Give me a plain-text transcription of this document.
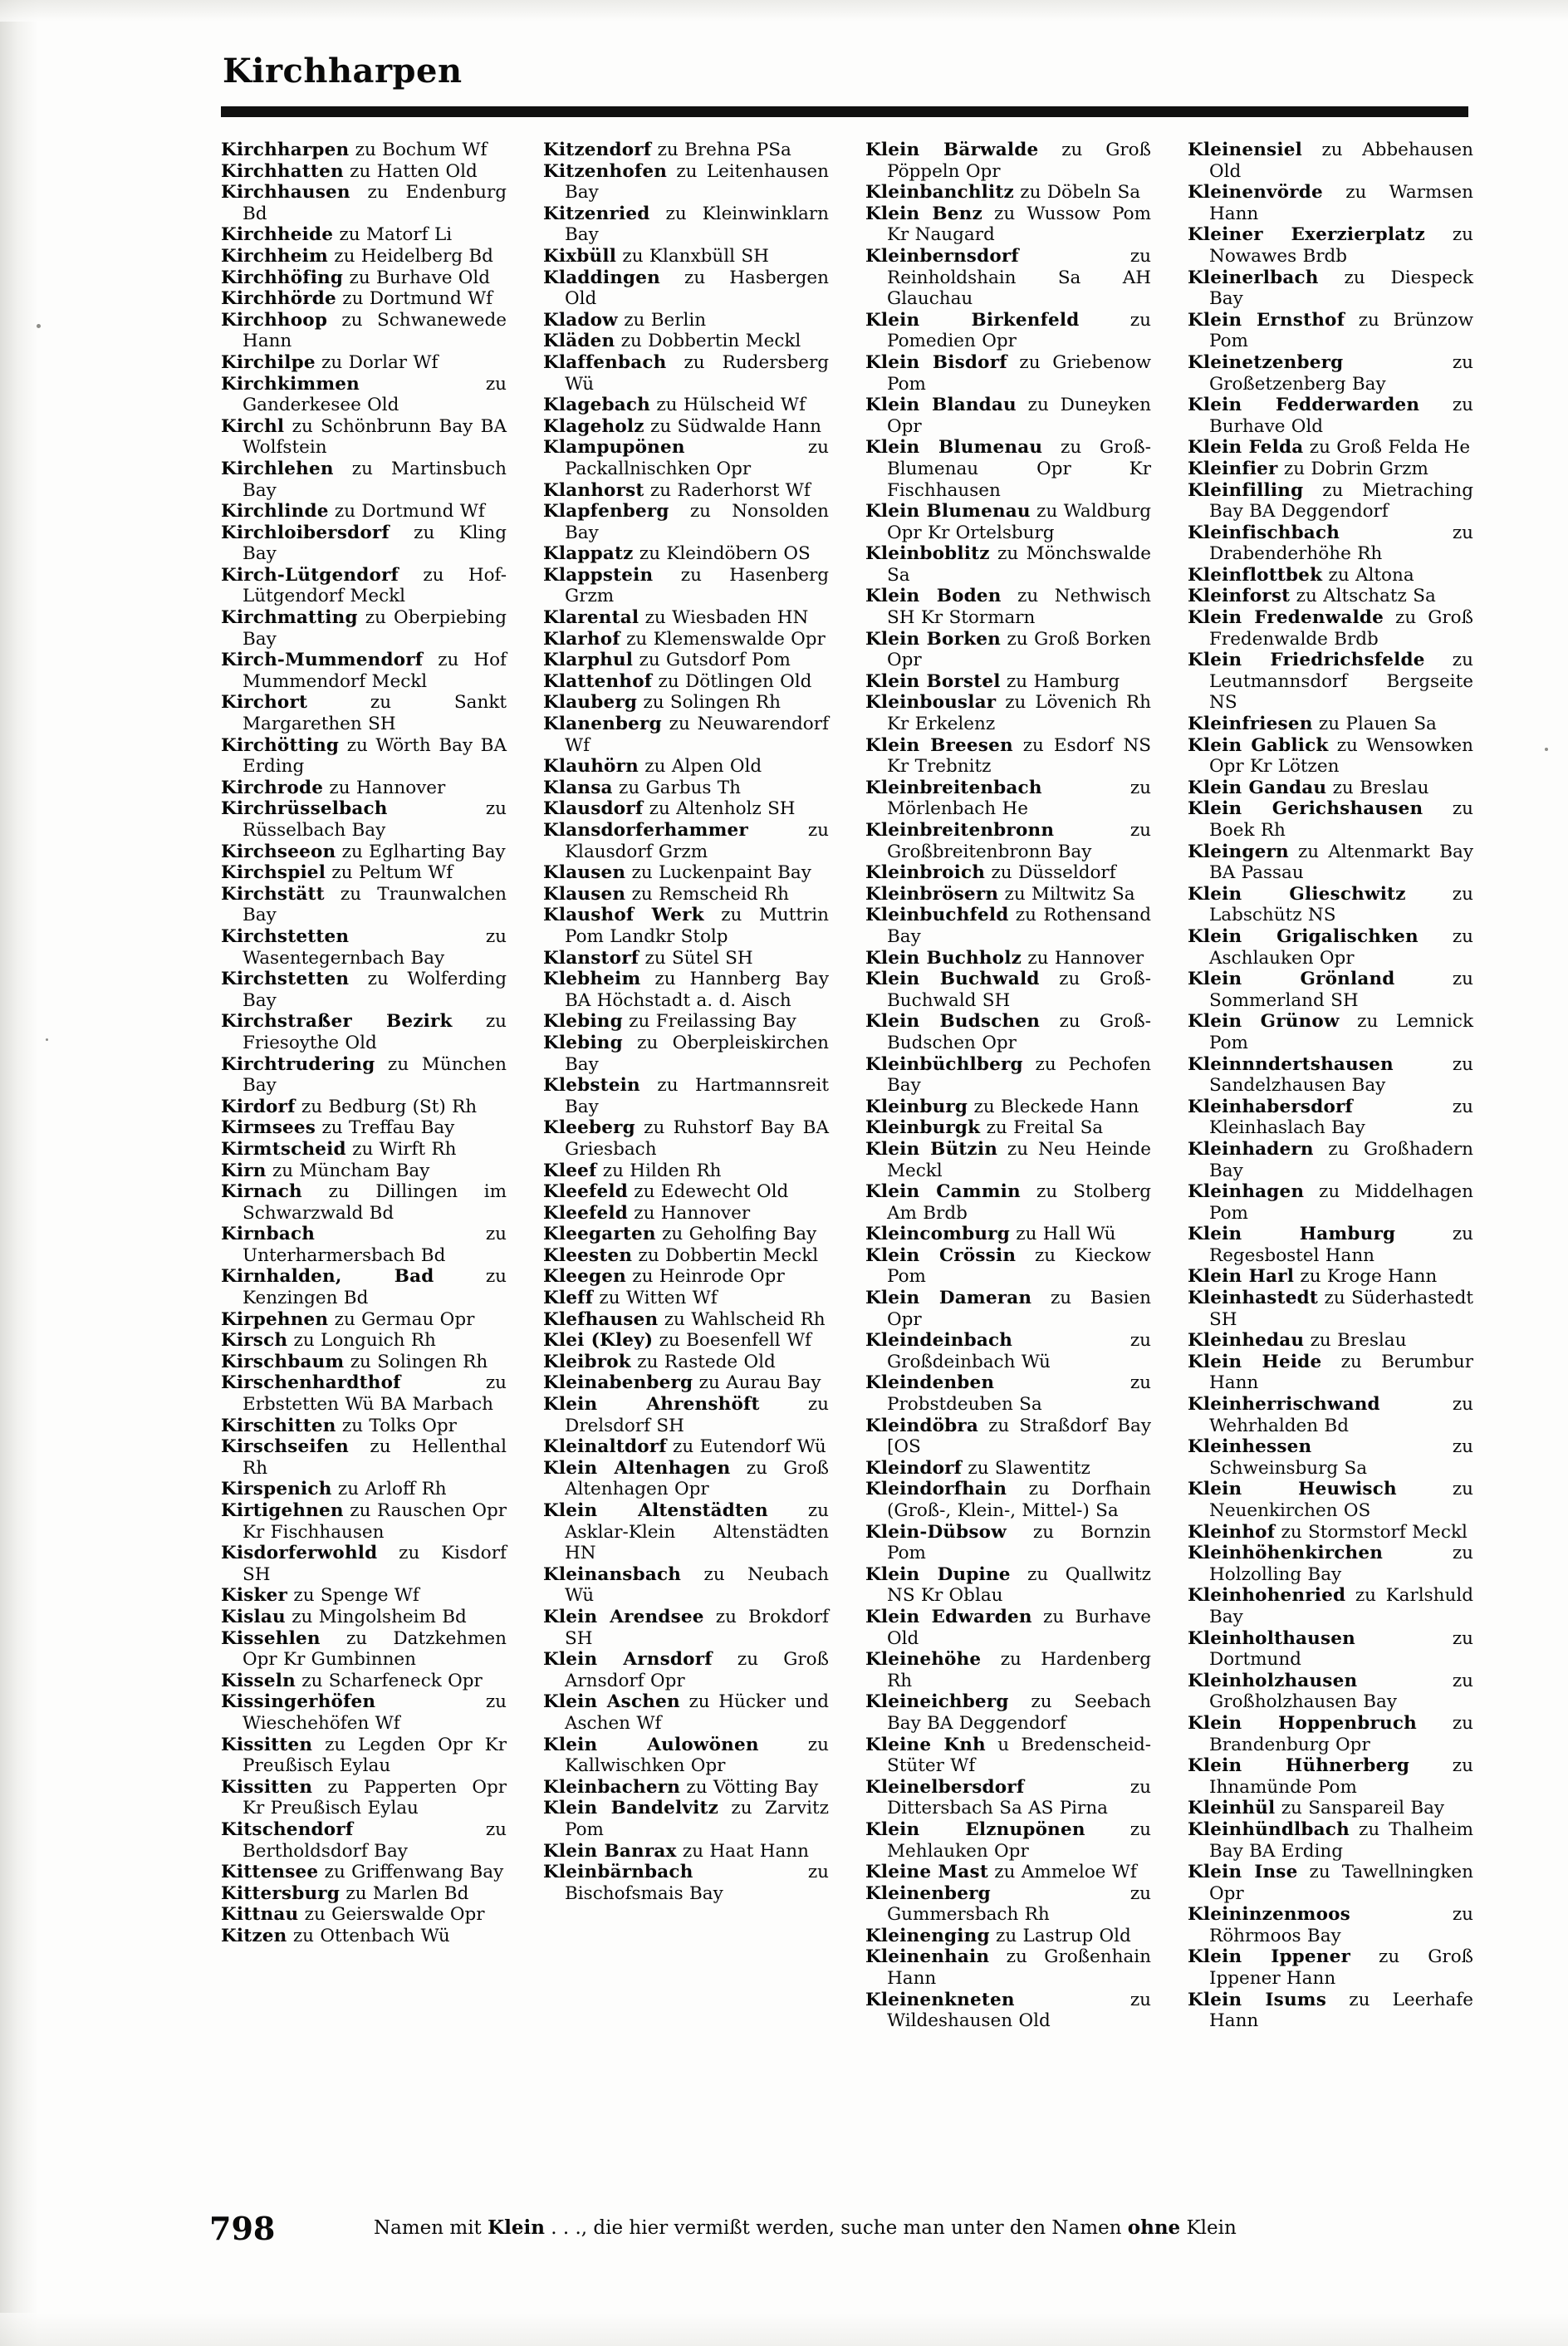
Kirchharpen

Kirchharpen zu Bochum Wf

Kirchhatten zu Hatten Old

Kirchhausen zu Endenburg Bd

Kirchheide zu Matorf Li

Kirchheim zu Heidelberg Bd

Kirchhöfing zu Burhave Old

Kirchhörde zu Dortmund Wf

Kirchhoop zu Schwanewede Hann

Kirchilpe zu Dorlar Wf

Kirchkimmen zu Ganderkesee Old

Kirchl zu Schönbrunn Bay BA Wolfstein

Kirchlehen zu Martinsbuch Bay

Kirchlinde zu Dortmund Wf

Kirchloibersdorf zu Kling Bay

Kirch-Lütgendorf zu Hof-Lütgendorf Meckl

Kirchmatting zu Oberpiebing Bay

Kirch-Mummendorf zu Hof Mummendorf Meckl

Kirchort zu Sankt Margarethen SH

Kirchötting zu Wörth Bay BA Erding

Kirchrode zu Hannover

Kirchrüsselbach zu Rüsselbach Bay

Kirchseeon zu Eglharting Bay

Kirchspiel zu Peltum Wf

Kirchstätt zu Traunwalchen Bay

Kirchstetten zu Wasentegernbach Bay

Kirchstetten zu Wolferding Bay

Kirchstraßer Bezirk zu Friesoythe Old

Kirchtrudering zu München Bay

Kirdorf zu Bedburg (St) Rh

Kirmsees zu Treffau Bay

Kirmtscheid zu Wirft Rh

Kirn zu Müncham Bay

Kirnach zu Dillingen im Schwarzwald Bd

Kirnbach zu Unterharmersbach Bd

Kirnhalden, Bad zu Kenzingen Bd

Kirpehnen zu Germau Opr

Kirsch zu Longuich Rh

Kirschbaum zu Solingen Rh

Kirschenhardthof zu Erbstetten Wü BA Marbach

Kirschitten zu Tolks Opr

Kirschseifen zu Hellenthal Rh

Kirspenich zu Arloff Rh

Kirtigehnen zu Rauschen Opr Kr Fischhausen

Kisdorferwohld zu Kisdorf SH

Kisker zu Spenge Wf

Kislau zu Mingolsheim Bd

Kissehlen zu Datzkehmen Opr Kr Gumbinnen

Kisseln zu Scharfeneck Opr

Kissingerhöfen zu Wieschehöfen Wf

Kissitten zu Legden Opr Kr Preußisch Eylau

Kissitten zu Papperten Opr Kr Preußisch Eylau

Kitschendorf zu Bertholdsdorf Bay

Kittensee zu Griffenwang Bay

Kittersburg zu Marlen Bd

Kittnau zu Geierswalde Opr

Kitzen zu Ottenbach Wü

Kitzendorf zu Brehna PSa

Kitzenhofen zu Leitenhausen Bay

Kitzenried zu Kleinwinklarn Bay

Kixbüll zu Klanxbüll SH

Kladdingen zu Hasbergen Old

Kladow zu Berlin

Kläden zu Dobbertin Meckl

Klaffenbach zu Rudersberg Wü

Klagebach zu Hülscheid Wf

Klageholz zu Südwalde Hann

Klampupönen zu Packallnischken Opr

Klanhorst zu Raderhorst Wf

Klapfenberg zu Nonsolden Bay

Klappatz zu Kleindöbern OS

Klappstein zu Hasenberg Grzm

Klarental zu Wiesbaden HN

Klarhof zu Klemenswalde Opr

Klarphul zu Gutsdorf Pom

Klattenhof zu Dötlingen Old

Klauberg zu Solingen Rh

Klanenberg zu Neuwarendorf Wf

Klauhörn zu Alpen Old

Klansa zu Garbus Th

Klausdorf zu Altenholz SH

Klansdorferhammer zu Klausdorf Grzm

Klausen zu Luckenpaint Bay

Klausen zu Remscheid Rh

Klaushof Werk zu Muttrin Pom Landkr Stolp

Klanstorf zu Sütel SH

Klebheim zu Hannberg Bay BA Höchstadt a. d. Aisch

Klebing zu Freilassing Bay

Klebing zu Oberpleiskirchen Bay

Klebstein zu Hartmannsreit Bay

Kleeberg zu Ruhstorf Bay BA Griesbach

Kleef zu Hilden Rh

Kleefeld zu Edewecht Old

Kleefeld zu Hannover

Kleegarten zu Geholfing Bay

Kleesten zu Dobbertin Meckl

Kleegen zu Heinrode Opr

Kleff zu Witten Wf

Klefhausen zu Wahlscheid Rh

Klei (Kley) zu Boesenfell Wf

Kleibrok zu Rastede Old

Kleinabenberg zu Aurau Bay

Klein Ahrenshöft zu Drelsdorf SH

Kleinaltdorf zu Eutendorf Wü

Klein Altenhagen zu Groß Altenhagen Opr

Klein Altenstädten zu Asklar-Klein Altenstädten HN

Kleinansbach zu Neubach Wü

Klein Arendsee zu Brokdorf SH

Klein Arnsdorf zu Groß Arnsdorf Opr

Klein Aschen zu Hücker und Aschen Wf

Klein Aulowönen zu Kallwischken Opr

Kleinbachern zu Vötting Bay

Klein Bandelvitz zu Zarvitz Pom

Klein Banrax zu Haat Hann

Kleinbärnbach zu Bischofsmais Bay

Klein Bärwalde zu Groß Pöppeln Opr

Kleinbanchlitz zu Döbeln Sa

Klein Benz zu Wussow Pom Kr Naugard

Kleinbernsdorf zu Reinholdshain Sa AH Glauchau

Klein Birkenfeld zu Pomedien Opr

Klein Bisdorf zu Griebenow Pom

Klein Blandau zu Duneyken Opr

Klein Blumenau zu Groß-Blumenau Opr Kr Fischhausen

Klein Blumenau zu Waldburg Opr Kr Ortelsburg

Kleinboblitz zu Mönchswalde Sa

Klein Boden zu Nethwisch SH Kr Stormarn

Klein Borken zu Groß Borken Opr

Klein Borstel zu Hamburg

Kleinbouslar zu Lövenich Rh Kr Erkelenz

Klein Breesen zu Esdorf NS Kr Trebnitz

Kleinbreitenbach zu Mörlenbach He

Kleinbreitenbronn zu Großbreitenbronn Bay

Kleinbroich zu Düsseldorf

Kleinbrösern zu Miltwitz Sa

Kleinbuchfeld zu Rothensand Bay

Klein Buchholz zu Hannover

Klein Buchwald zu Groß-Buchwald SH

Klein Budschen zu Groß-Budschen Opr

Kleinbüchlberg zu Pechofen Bay

Kleinburg zu Bleckede Hann

Kleinburgk zu Freital Sa

Klein Bützin zu Neu Heinde Meckl

Klein Cammin zu Stolberg Am Brdb

Kleincomburg zu Hall Wü

Klein Crössin zu Kieckow Pom

Klein Dameran zu Basien Opr

Kleindeinbach zu Großdeinbach Wü

Kleindenben zu Probstdeuben Sa

Kleindöbra zu Straßdorf Bay [OS

Kleindorf zu Slawentitz

Kleindorfhain zu Dorfhain (Groß-, Klein-, Mittel-) Sa

Klein-Dübsow zu Bornzin Pom

Klein Dupine zu Quallwitz NS Kr Oblau

Klein Edwarden zu Burhave Old

Kleinehöhe zu Hardenberg Rh

Kleineichberg zu Seebach Bay BA Deggendorf

Kleine Knh u Bredenscheid-Stüter Wf

Kleinelbersdorf zu Dittersbach Sa AS Pirna

Klein Elznupönen zu Mehlauken Opr

Kleine Mast zu Ammeloe Wf

Kleinenberg zu Gummersbach Rh

Kleinenging zu Lastrup Old

Kleinenhain zu Großenhain Hann

Kleinenkneten zu Wildeshausen Old

Kleinensiel zu Abbehausen Old

Kleinenvörde zu Warmsen Hann

Kleiner Exerzierplatz zu Nowawes Brdb

Kleinerlbach zu Diespeck Bay

Klein Ernsthof zu Brünzow Pom

Kleinetzenberg zu Großetzenberg Bay

Klein Fedderwarden zu Burhave Old

Klein Felda zu Groß Felda He

Kleinfier zu Dobrin Grzm

Kleinfilling zu Mietraching Bay BA Deggendorf

Kleinfischbach zu Drabenderhöhe Rh

Kleinflottbek zu Altona

Kleinforst zu Altschatz Sa

Klein Fredenwalde zu Groß Fredenwalde Brdb

Klein Friedrichsfelde zu Leutmannsdorf Bergseite NS

Kleinfriesen zu Plauen Sa

Klein Gablick zu Wensowken Opr Kr Lötzen

Klein Gandau zu Breslau

Klein Gerichshausen zu Boek Rh

Kleingern zu Altenmarkt Bay BA Passau

Klein Glieschwitz zu Labschütz NS

Klein Grigalischken zu Aschlauken Opr

Klein Grönland zu Sommerland SH

Klein Grünow zu Lemnick Pom

Kleinnndertshausen zu Sandelzhausen Bay

Kleinhabersdorf zu Kleinhaslach Bay

Kleinhadern zu Großhadern Bay

Kleinhagen zu Middelhagen Pom

Klein Hamburg zu Regesbostel Hann

Klein Harl zu Kroge Hann

Kleinhastedt zu Süderhastedt SH

Kleinhedau zu Breslau

Klein Heide zu Berumbur Hann

Kleinherrischwand zu Wehrhalden Bd

Kleinhessen zu Schweinsburg Sa

Klein Heuwisch zu Neuenkirchen OS

Kleinhof zu Stormstorf Meckl

Kleinhöhenkirchen zu Holzolling Bay

Kleinhohenried zu Karlshuld Bay

Kleinholthausen zu Dortmund

Kleinholzhausen zu Großholzhausen Bay

Klein Hoppenbruch zu Brandenburg Opr

Klein Hühnerberg zu Ihnamünde Pom

Kleinhül zu Sanspareil Bay

Kleinhündlbach zu Thalheim Bay BA Erding

Klein Inse zu Tawellningken Opr

Kleininzenmoos zu Röhrmoos Bay

Klein Ippener zu Groß Ippener Hann

Klein Isums zu Leerhafe Hann

798	Namen mit Klein . . ., die hier vermißt werden, suche man unter den Namen ohne Klein
